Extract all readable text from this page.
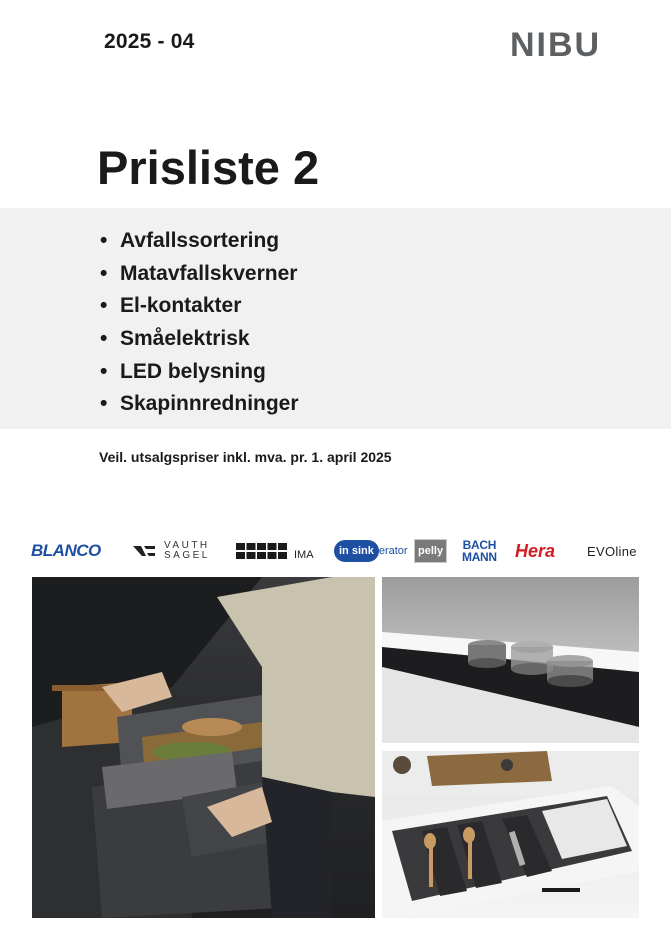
2025 - 04	NIBU
Prisliste 2
• Avfallssortering
• Matavfallskverner
• El-kontakter
• Småelektrisk
• LED belysning
• Skapinnredninger
Veil. utsalgspriser inkl. mva. pr. 1. april 2025
BLANCO	VAUTH
SAGEL	IMA	in sink erator pelly	BACH
MANN Hera EVOline
